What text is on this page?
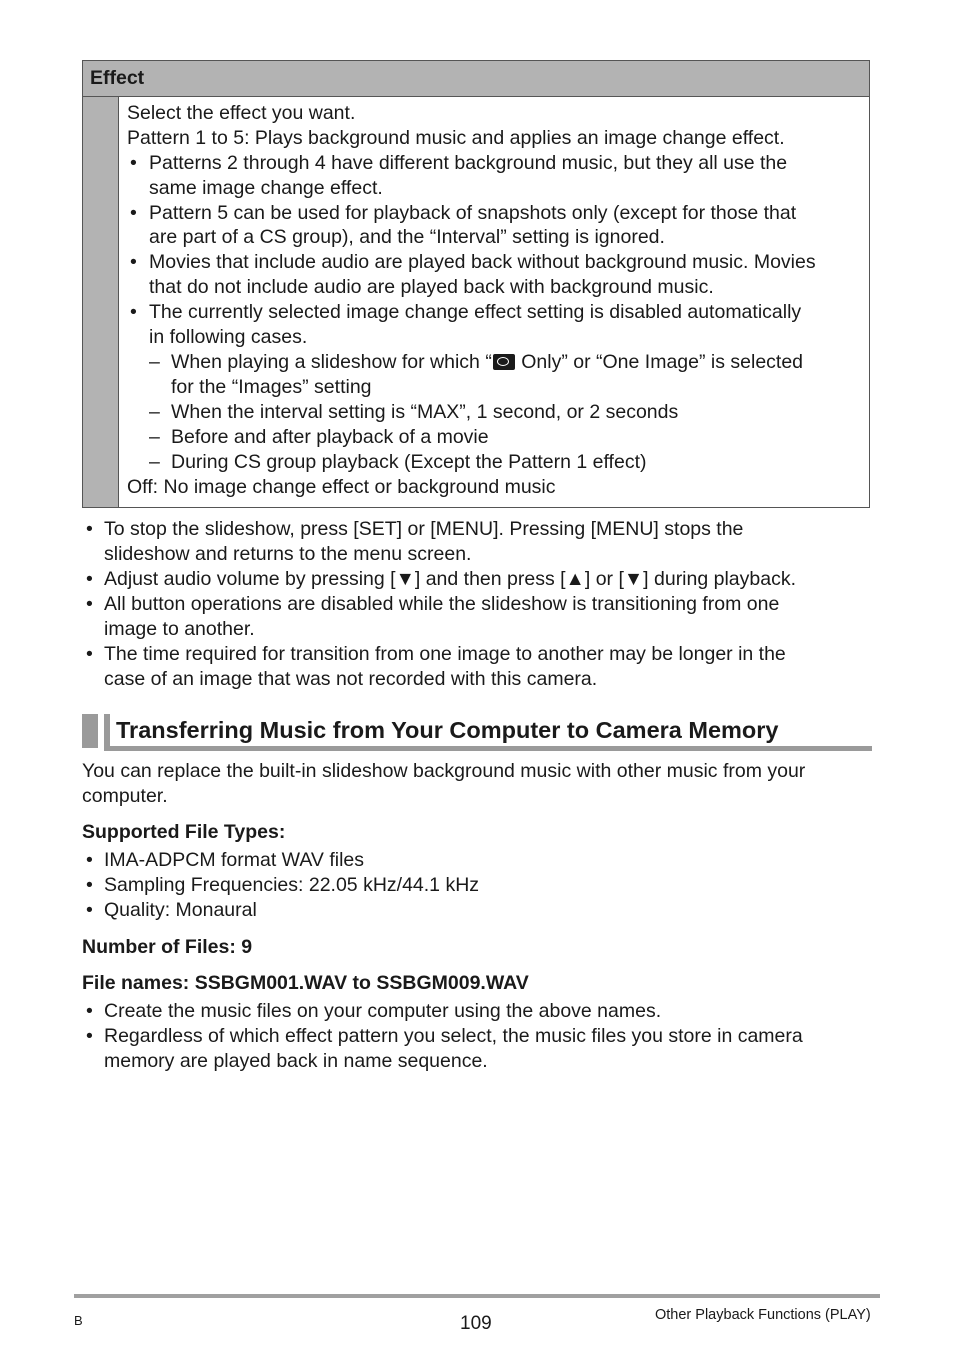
Effect
Select the effect you want.
Pattern 1 to 5: Plays background music and applies an image change effect.
• Patterns 2 through 4 have different background music, but they all use the
same image change effect.
• Pattern 5 can be used for playback of snapshots only (except for those that
are part of a CS group), and the “Interval” setting is ignored.
• Movies that include audio are played back without background music. Movies
that do not include audio are played back with background music.
• The currently selected image change effect setting is disabled automatically
in following cases.
– When playing a slideshow for which “ Only” or “One Image” is selected
for the “Images” setting
– When the interval setting is “MAX”, 1 second, or 2 seconds
– Before and after playback of a movie
– During CS group playback (Except the Pattern 1 effect)
Off: No image change effect or background music
• To stop the slideshow, press [SET] or [MENU]. Pressing [MENU] stops the
slideshow and returns to the menu screen.
• Adjust audio volume by pressing [▼] and then press [▲] or [▼] during playback.
• All button operations are disabled while the slideshow is transitioning from one
image to another.
• The time required for transition from one image to another may be longer in the
case of an image that was not recorded with this camera.
Transferring Music from Your Computer to Camera Memory
You can replace the built-in slideshow background music with other music from your
computer.
Supported File Types:
• IMA-ADPCM format WAV files
• Sampling Frequencies: 22.05 kHz/44.1 kHz
• Quality: Monaural
Number of Files: 9
File names: SSBGM001.WAV to SSBGM009.WAV
• Create the music files on your computer using the above names.
• Regardless of which effect pattern you select, the music files you store in camera
memory are played back in name sequence.
B	109	Other Playback Functions (PLAY)
